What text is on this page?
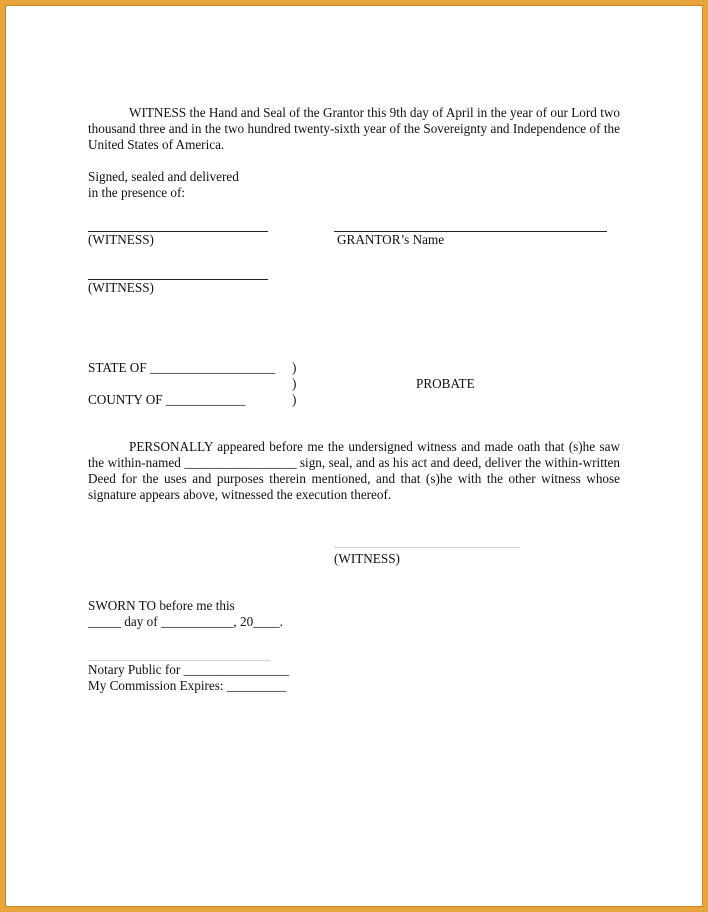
WITNESS the Hand and Seal of the Grantor this 9th day of April in the year of our Lord two thousand three and in the two hundred twenty-sixth year of the Sovereignty and Independence of the United States of America.
Signed, sealed and delivered
in the presence of:
(WITNESS)	GRANTOR’s Name
(WITNESS)
STATE OF ___________________ )
)	PROBATE
COUNTY OF ____________	)
PERSONALLY appeared before me the undersigned witness and made oath that (s)he saw the within-named _________________ sign, seal, and as his act and deed, deliver the within-written Deed for the uses and purposes therein mentioned, and that (s)he with the other witness whose signature appears above, witnessed the execution thereof.
(WITNESS)
SWORN TO before me this
_____ day of ___________, 20____.
Notary Public for ________________
My Commission Expires: _________
